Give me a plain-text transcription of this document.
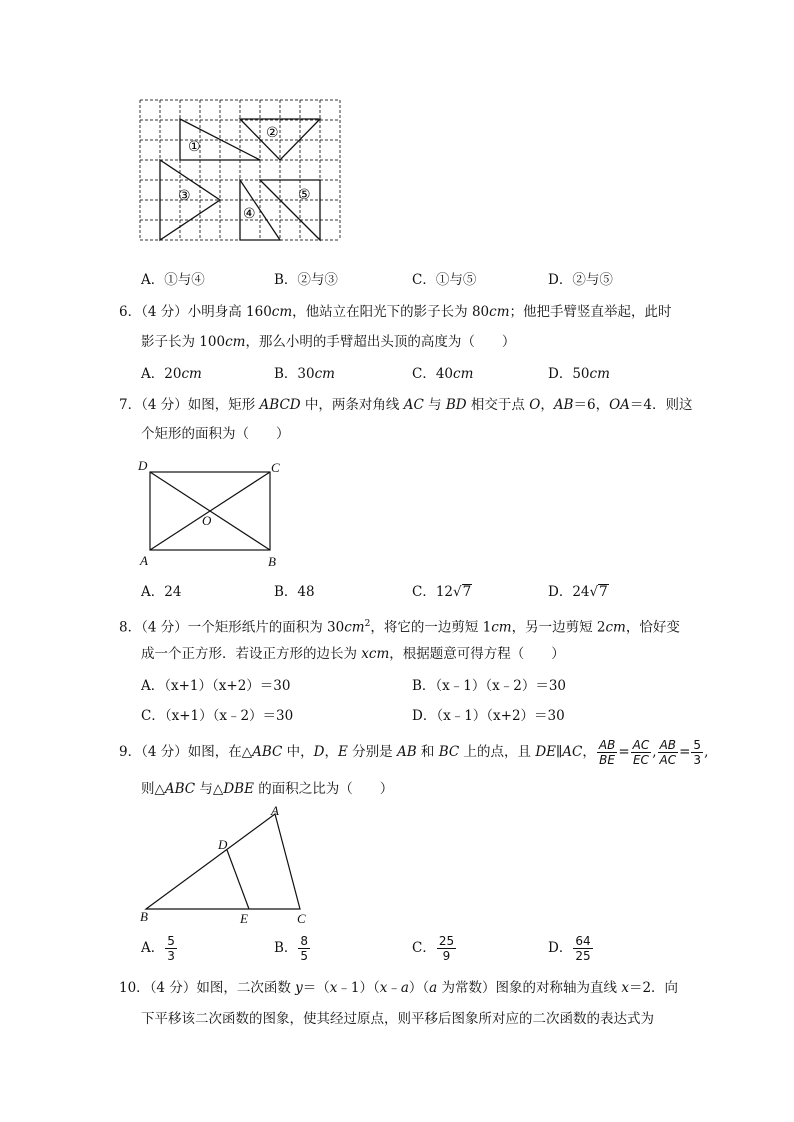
①
②
③
④
⑤
A．①与④	B．②与③	C．①与⑤	D．②与⑤
6．（4 分）小明身高 160cm，他站立在阳光下的影子长为 80cm；他把手臂竖直举起，此时
影子长为 100cm，那么小明的手臂超出头顶的高度为（　　）
A．20cm	B．30cm	C．40cm	D．50cm
7．（4 分）如图，矩形 ABCD 中，两条对角线 AC 与 BD 相交于点 O，AB＝6，OA＝4．则这
个矩形的面积为（　　）
D	C
O
A	B
A．24	B．48	C．12√7	D．24√7
8．（4 分）一个矩形纸片的面积为 $30cm^2$，将它的一边剪短 1cm，另一边剪短 2cm，恰好变
成一个正方形．若设正方形的边长为 xcm，根据题意可得方程（　　）
A．（x+1）（x+2）＝30	B．（x﹣1）（x﹣2）＝30
C．（x+1）（x﹣2）＝30	D．（x﹣1）（x+2）＝30
9．（4 分）如图，在△ABC 中，D，E 分别是 AB 和 BC 上的点，且 DE∥AC， $\frac{AB}{BE} = \frac{AC}{EC}$ , $\frac{AB}{AC} = \frac{5}{3}$ ,
则△ABC 与△DBE 的面积之比为（　　）
A
D
B	E	C
A． $\frac{5}{3}$	B． $\frac{8}{5}$	C． $\frac{25}{9}$	D． $\frac{64}{25}$
10．（4 分）如图，二次函数 y＝（x﹣1）（x﹣a）（a 为常数）图象的对称轴为直线 x＝2．向
下平移该二次函数的图象，使其经过原点，则平移后图象所对应的二次函数的表达式为
